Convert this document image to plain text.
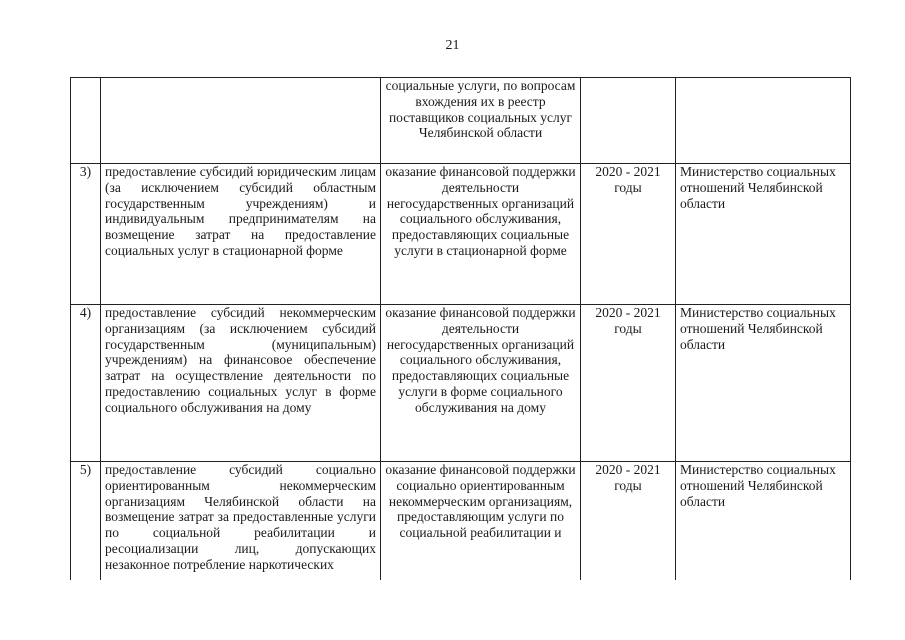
21
		социальные услуги, по вопросам вхождения их в реестр поставщиков социальных услуг Челябинской области		
3)	предоставление субсидий юридическим лицам (за исключением субсидий областным государственным учреждениям) и индивидуальным предпринимателям на возмещение затрат на предоставление социальных услуг в стационарной форме	оказание финансовой поддержки деятельности негосударственных организаций социального обслуживания, предоставляющих социальные услуги в стационарной форме	2020 - 2021 годы	Министерство социальных отношений Челябинской области
4)	предоставление субсидий некоммерческим организациям (за исключением субсидий государственным (муниципальным) учреждениям) на финансовое обеспечение затрат на осуществление деятельности по предоставлению социальных услуг в форме социального обслуживания на дому	оказание финансовой поддержки деятельности негосударственных организаций социального обслуживания, предоставляющих социальные услуги в форме социального обслуживания на дому	2020 - 2021 годы	Министерство социальных отношений Челябинской области
5)	предоставление субсидий социально ориентированным некоммерческим организациям Челябинской области на возмещение затрат за предоставленные услуги по социальной реабилитации и ресоциализации лиц, допускающих незаконное потребление наркотических	оказание финансовой поддержки социально ориентированным некоммерческим организациям, предоставляющим услуги по социальной реабилитации и	2020 - 2021 годы	Министерство социальных отношений Челябинской области
